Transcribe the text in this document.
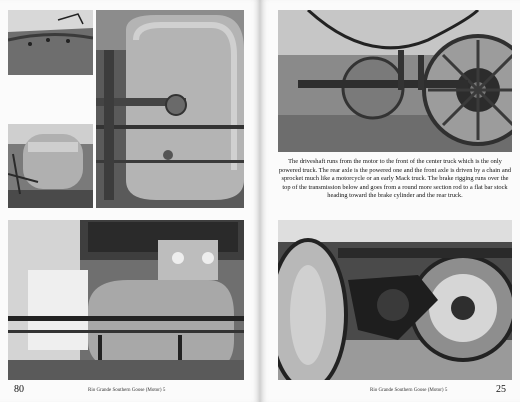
80	Rio Grande Southern Goose (Motor) 5
The driveshaft runs from the motor to the front of the center truck which is the only powered truck. The rear axle is the powered one and the front axle is driven by a chain and sprocket much like a motorcycle or an early Mack truck. The brake rigging runs over the top of the transmission below and goes from a round more section rod to a flat bar stock heading toward the brake cylinder and the rear truck.
Rio Grande Southern Goose (Motor) 5	25
